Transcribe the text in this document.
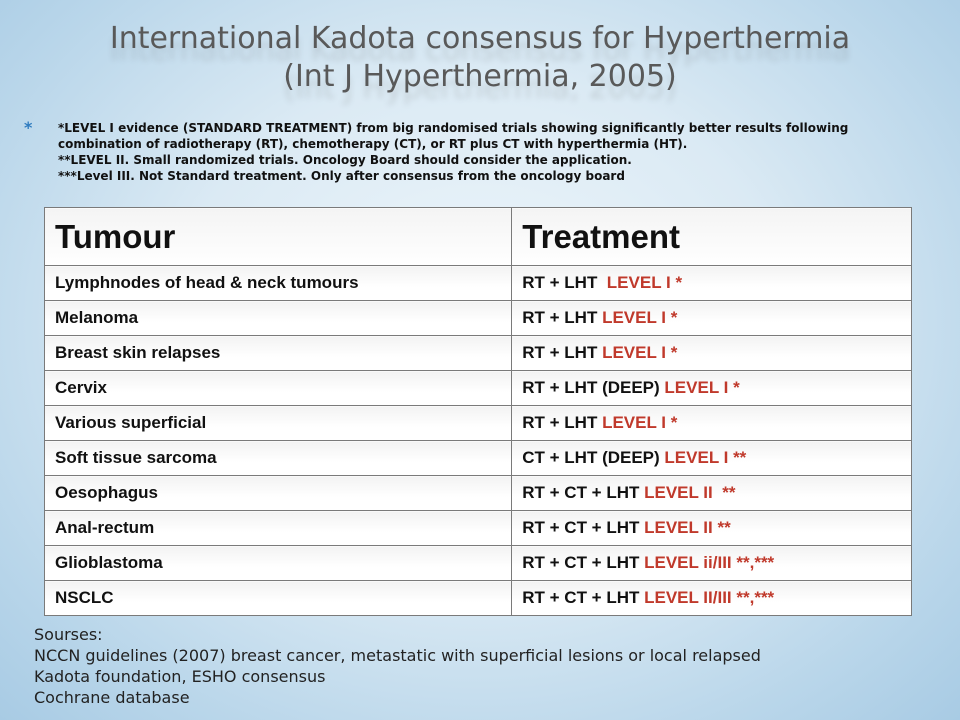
International Kadota consensus for Hyperthermia
(Int J Hyperthermia, 2005)
* *LEVEL I evidence (STANDARD TREATMENT) from big randomised trials showing significantly better results following
combination of radiotherapy (RT), chemotherapy (CT), or RT plus CT with hyperthermia (HT).
**LEVEL II. Small randomized trials. Oncology Board should consider the application.
***Level III. Not Standard treatment. Only after consensus from the oncology board
Tumour	Treatment
Lymphnodes of head & neck tumours	RT + LHT  LEVEL I *
Melanoma	RT + LHT LEVEL I *
Breast skin relapses	RT + LHT LEVEL I *
Cervix	RT + LHT (DEEP) LEVEL I *
Various superficial	RT + LHT LEVEL I *
Soft tissue sarcoma	CT + LHT (DEEP) LEVEL I **
Oesophagus	RT + CT + LHT LEVEL II  **
Anal-rectum	RT + CT + LHT LEVEL II **
Glioblastoma	RT + CT + LHT LEVEL ii/III **,***
NSCLC	RT + CT + LHT LEVEL II/III **,***
Sourses:
NCCN guidelines (2007) breast cancer, metastatic with superficial lesions or local relapsed
Kadota foundation, ESHO consensus
Cochrane database
